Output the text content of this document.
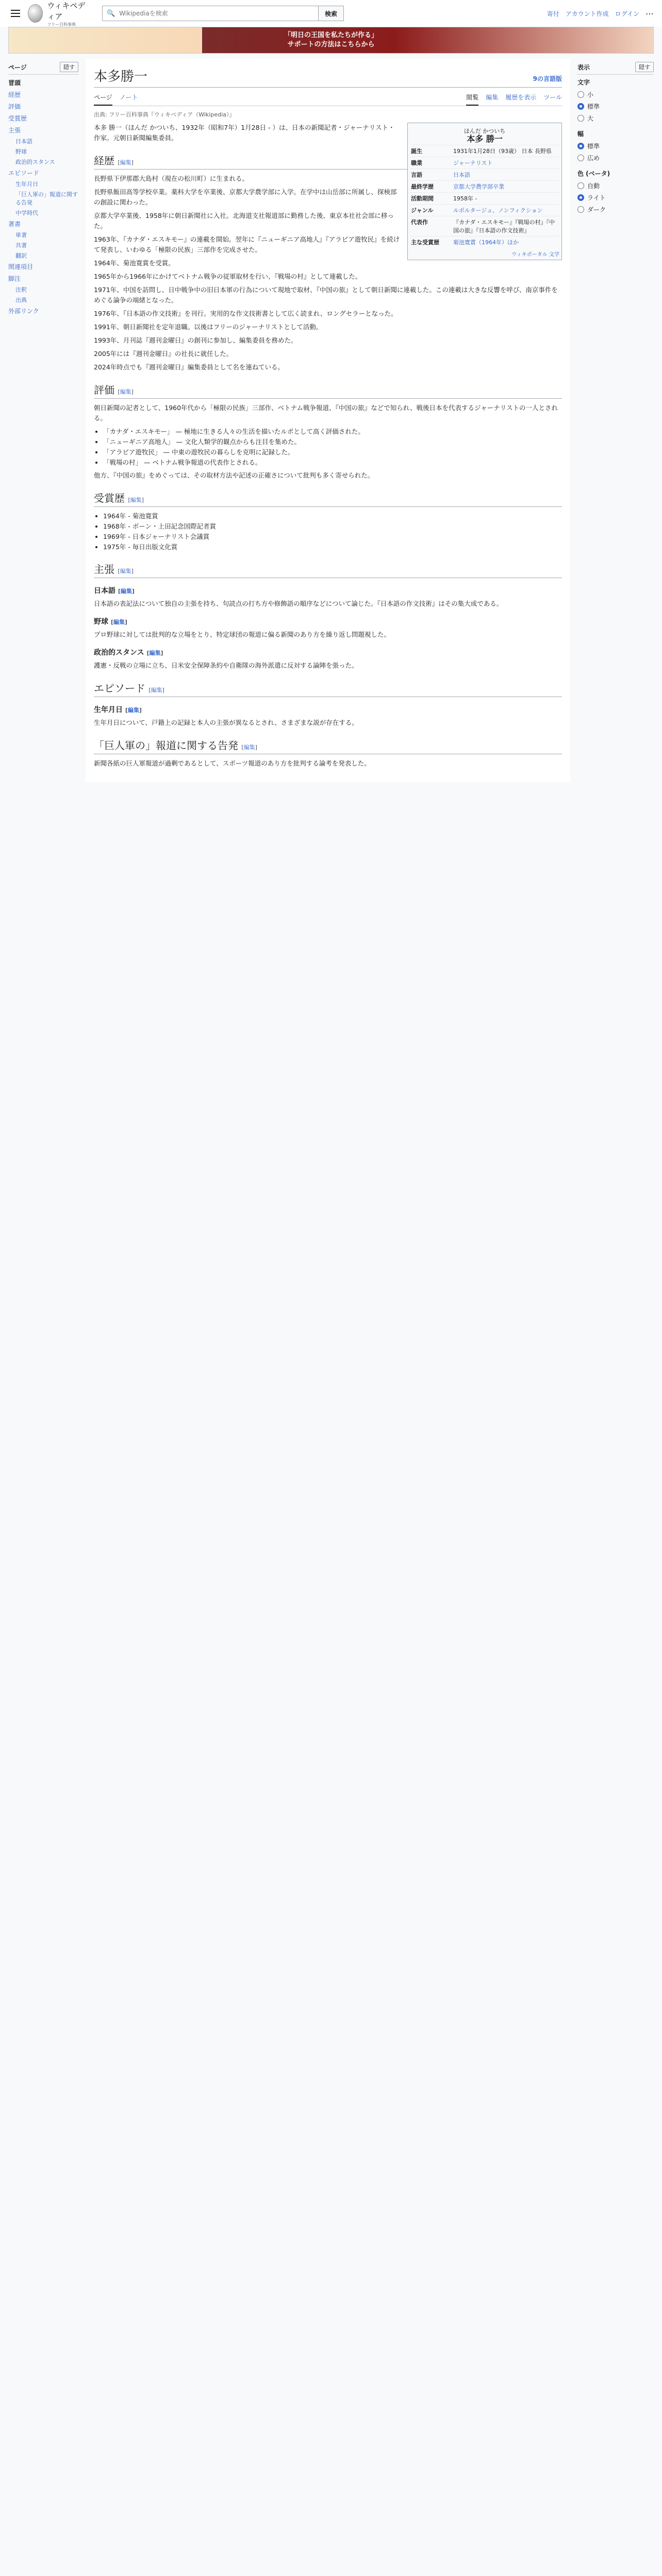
ウィキペディア
フリー百科事典
🔍
Wikipediaを検索	検索	寄付 アカウント作成 ログイン ⋯
「明日の王国を私たちが作る」
サポートの方法はこちらから
ページ	隠す
冒頭
経歴
評価
受賞歴
主張
日本語
野球
政治的スタンス
エピソード
生年月日
「巨人軍の」報道に関する告発
中学時代
著書
単著
共著
翻訳
関連項目
脚注
注釈
出典
外部リンク
本多勝一	9の言語版
ページ ノート	閲覧 編集 履歴を表示 ツール
出典: フリー百科事典『ウィキペディア（Wikipedia）』
ほんだ かついち
本多 勝一
誕生	1931年1月28日（93歳） 日本 長野県
職業	ジャーナリスト
言語	日本語
最終学歴	京都大学農学部卒業
活動期間	1958年 -
ジャンル	ルポルタージュ、ノンフィクション
代表作	『カナダ・エスキモー』『戦場の村』『中国の旅』『日本語の作文技術』
主な受賞歴	菊池寛賞（1964年）ほか
ウィキポータル 文学

本多 勝一（ほんだ かついち、1932年（昭和7年）1月28日 - ）は、日本の新聞記者・ジャーナリスト・作家。元朝日新聞編集委員。

経歴 [編集]

長野県下伊那郡大島村（現在の松川町）に生まれる。

長野県飯田高等学校卒業。薬科大学を卒業後、京都大学農学部に入学。在学中は山岳部に所属し、探検部の創設に関わった。

京都大学卒業後、1958年に朝日新聞社に入社。北海道支社報道部に勤務した後、東京本社社会部に移った。

1963年、『カナダ・エスキモー』の連載を開始。翌年に『ニューギニア高地人』『アラビア遊牧民』を続けて発表し、いわゆる「極限の民族」三部作を完成させた。

1964年、菊池寛賞を受賞。

1965年から1966年にかけてベトナム戦争の従軍取材を行い、『戦場の村』として連載した。

1971年、中国を訪問し、日中戦争中の旧日本軍の行為について現地で取材、『中国の旅』として朝日新聞に連載した。この連載は大きな反響を呼び、南京事件をめぐる論争の端緒となった。

1976年、『日本語の作文技術』を刊行。実用的な作文技術書として広く読まれ、ロングセラーとなった。

1991年、朝日新聞社を定年退職。以後はフリーのジャーナリストとして活動。

1993年、月刊誌『週刊金曜日』の創刊に参加し、編集委員を務めた。

2005年には『週刊金曜日』の社長に就任した。

2024年時点でも『週刊金曜日』編集委員として名を連ねている。

評価 [編集]

朝日新聞の記者として、1960年代から「極限の民族」三部作、ベトナム戦争報道、『中国の旅』などで知られ、戦後日本を代表するジャーナリストの一人とされる。

• 「カナダ・エスキモー」 — 極地に生きる人々の生活を描いたルポとして高く評価された。
• 「ニューギニア高地人」 — 文化人類学的観点からも注目を集めた。
• 「アラビア遊牧民」 — 中東の遊牧民の暮らしを克明に記録した。
• 「戦場の村」 — ベトナム戦争報道の代表作とされる。

他方、『中国の旅』をめぐっては、その取材方法や記述の正確さについて批判も多く寄せられた。

受賞歴 [編集]
• 1964年 - 菊池寛賞
• 1968年 - ボーン・上田記念国際記者賞
• 1969年 - 日本ジャーナリスト会議賞
• 1975年 - 毎日出版文化賞
主張 [編集]
日本語 [編集]

日本語の表記法について独自の主張を持ち、句読点の打ち方や修飾語の順序などについて論じた。『日本語の作文技術』はその集大成である。

野球 [編集]

プロ野球に対しては批判的な立場をとり、特定球団の報道に偏る新聞のあり方を繰り返し問題視した。

政治的スタンス [編集]

護憲・反戦の立場に立ち、日米安全保障条約や自衛隊の海外派遣に反対する論陣を張った。

エピソード [編集]
生年月日 [編集]

生年月日について、戸籍上の記録と本人の主張が異なるとされ、さまざまな説が存在する。

「巨人軍の」報道に関する告発 [編集]

新聞各紙の巨人軍報道が過剰であるとして、スポーツ報道のあり方を批判する論考を発表した。

表示	隠す
文字
小
標準
大
幅
標準
広め
色 (ベータ)
自動
ライト
ダーク
